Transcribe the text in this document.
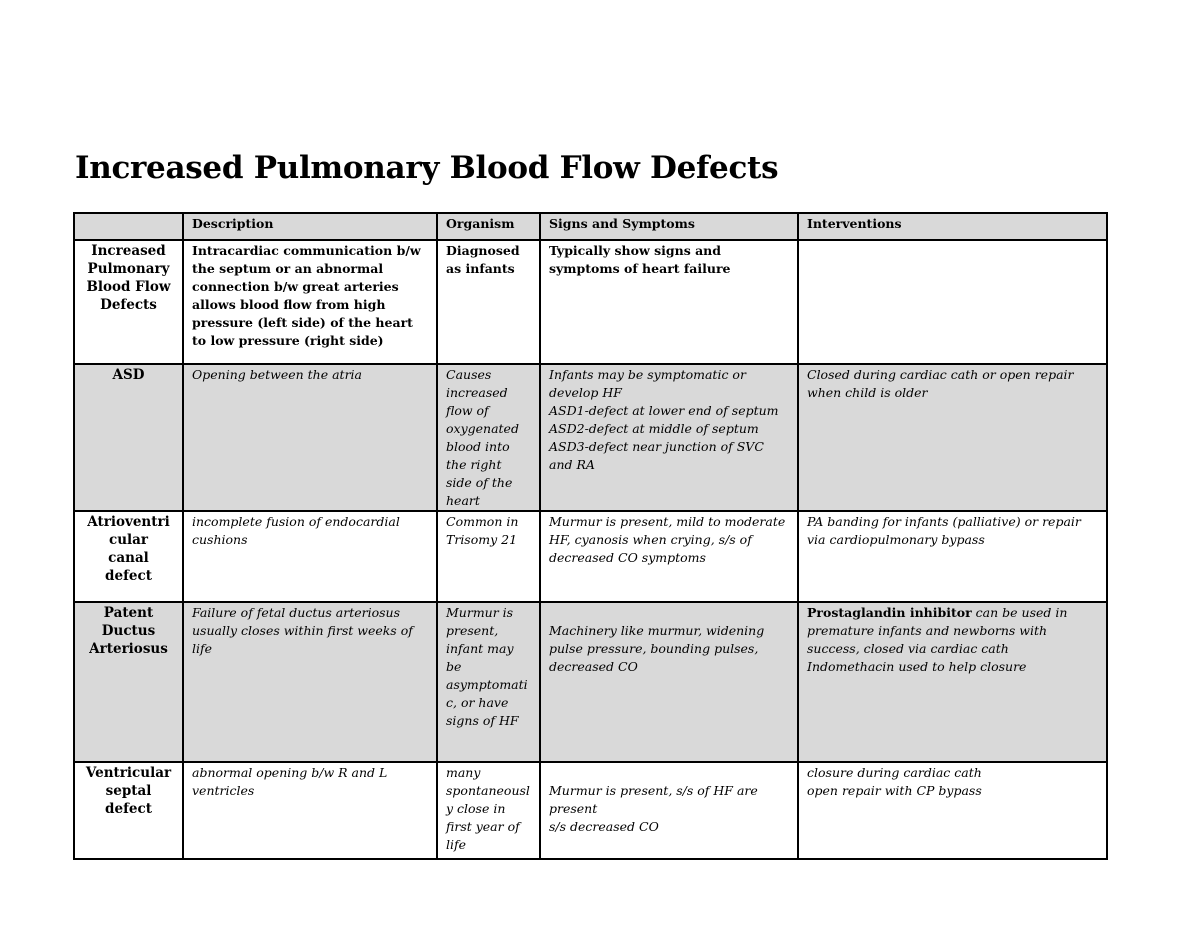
Increased Pulmonary Blood Flow Defects
	Description	Organism	Signs and Symptoms	Interventions
Increased
Pulmonary
Blood Flow
Defects	Intracardiac communication b/w the septum or an abnormal connection b/w great arteries allows blood flow from high pressure (left side) of the heart to low pressure (right side)	Diagnosed as infants	Typically show signs and symptoms of heart failure	
ASD	Opening between the atria	Causes increased flow of oxygenated blood into the right side of the heart	Infants may be symptomatic or develop HF
ASD1-defect at lower end of septum
ASD2-defect at middle of septum
ASD3-defect near junction of SVC and RA	Closed during cardiac cath or open repair when child is older
Atrioventri
cular
canal defect	incomplete fusion of endocardial cushions	Common in Trisomy 21	Murmur is present, mild to moderate HF, cyanosis when crying, s/s of decreased CO symptoms	PA banding for infants (palliative) or repair via cardiopulmonary bypass
Patent
Ductus
Arteriosus	Failure of fetal ductus arteriosus usually closes within first weeks of life	Murmur is present, infant may be asymptomati c, or have signs of HF	Machinery like murmur, widening pulse pressure, bounding pulses, decreased CO	Prostaglandin inhibitor can be used in premature infants and newborns with success, closed via cardiac cath
Indomethacin used to help closure
Ventricular
septal
defect	abnormal opening b/w R and L ventricles	many spontaneousl y close in first year of life	Murmur is present, s/s of HF are present
s/s decreased CO	closure during cardiac cath
open repair with CP bypass
